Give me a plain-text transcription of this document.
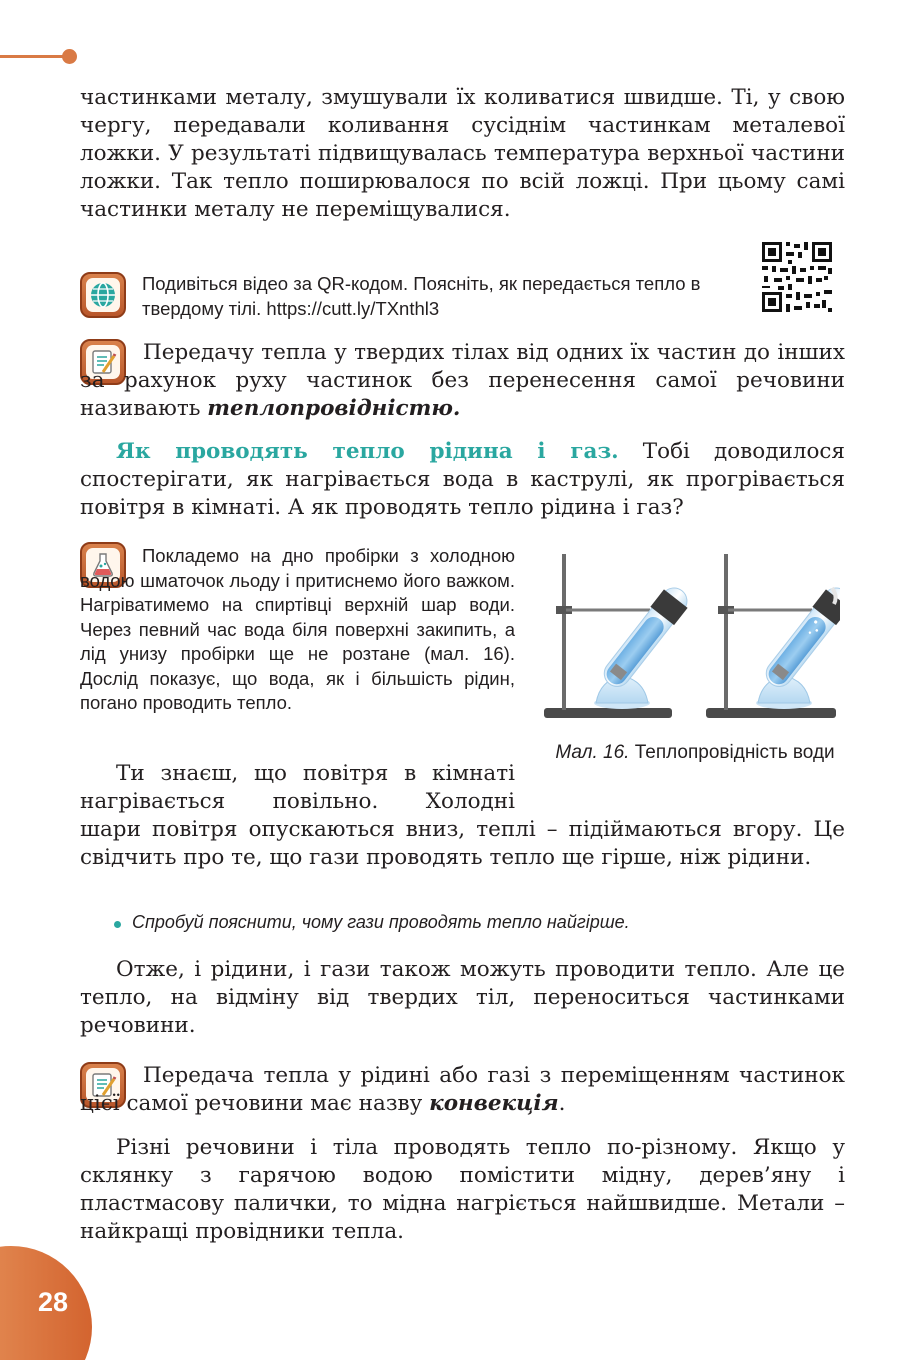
частинками металу, змушували їх коливатися швидше. Ті, у свою чергу, передавали коливання сусіднім частинкам металевої ложки. У результаті підвищувалась температура верхньої частини ложки. Так тепло поширювалося по всій ложці. При цьому самі частинки металу не переміщувалися.

Подивіться відео за QR-кодом. Поясніть, як передається тепло в твердому тілі. https://cutt.ly/TXnthl3

Передачу тепла у твердих тілах від одних їх частин до інших за рахунок руху частинок без перенесення самої речовини називають теплопровідністю.

Як проводять тепло рідина і газ. Тобі доводилося спостерігати, як нагрівається вода в каструлі, як прогрівається повітря в кімнаті. А як проводять тепло рідина і газ?

Покладемо на дно пробірки з холодною водою шматочок льоду і притиснемо його важком. Нагріватимемо на спиртівці верхній шар води. Через певний час вода біля поверхні закипить, а лід унизу пробірки ще не розтане (мал. 16). Дослід показує, що вода, як і більшість рідин, погано проводить тепло.
Мал. 16. Теплопровідність води

Ти знаєш, що повітря в кімнаті нагрівається повільно. Холодні

шари повітря опускаються вниз, теплі – підіймаються вгору. Це свідчить про те, що гази проводять тепло ще гірше, ніж рідини.

Спробуй пояснити, чому гази проводять тепло найгірше.

Отже, і рідини, і гази також можуть проводити тепло. Але це тепло, на відміну від твердих тіл, переноситься частинками речовини.

Передача тепла у рідині або газі з переміщенням частинок цієї самої речовини має назву конвекція.

Різні речовини і тіла проводять тепло по-різному. Якщо у склянку з гарячою водою помістити мідну, дерев’яну і пластмасову палички, то мідна нагріється найшвидше. Метали – найкращі провідники тепла.

28
